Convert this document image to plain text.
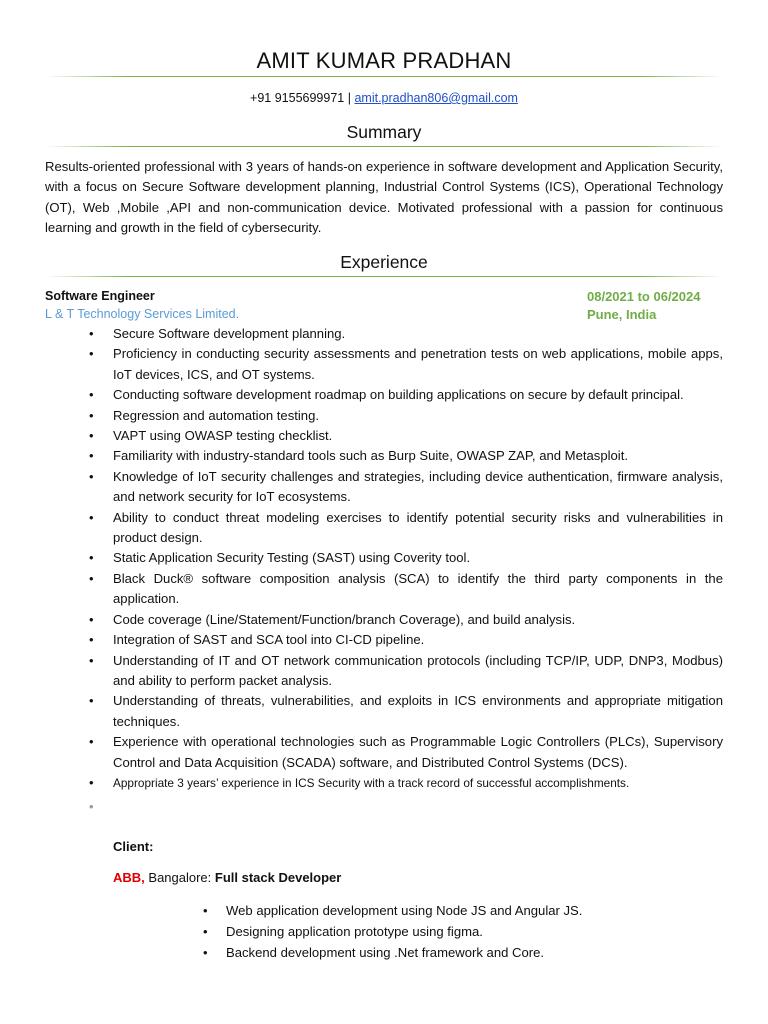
AMIT KUMAR PRADHAN
+91 9155699971 | amit.pradhan806@gmail.com
Summary
Results-oriented professional with 3 years of hands-on experience in software development and Application Security, with a focus on Secure Software development planning, Industrial Control Systems (ICS), Operational Technology (OT), Web ,Mobile ,API and non-communication device. Motivated professional with a passion for continuous learning and growth in the field of cybersecurity.
Experience
Software Engineer
L & T Technology Services Limited.
08/2021 to 06/2024
Pune, India
• Secure Software development planning.
• Proficiency in conducting security assessments and penetration tests on web applications, mobile apps, IoT devices, ICS, and OT systems.
• Conducting software development roadmap on building applications on secure by default principal.
• Regression and automation testing.
• VAPT using OWASP testing checklist.
• Familiarity with industry-standard tools such as Burp Suite, OWASP ZAP, and Metasploit.
• Knowledge of IoT security challenges and strategies, including device authentication, firmware analysis, and network security for IoT ecosystems.
• Ability to conduct threat modeling exercises to identify potential security risks and vulnerabilities in product design.
• Static Application Security Testing (SAST) using Coverity tool.
• Black Duck® software composition analysis (SCA) to identify the third party components in the application.
• Code coverage (Line/Statement/Function/branch Coverage), and build analysis.
• Integration of SAST and SCA tool into CI-CD pipeline.
• Understanding of IT and OT network communication protocols (including TCP/IP, UDP, DNP3, Modbus) and ability to perform packet analysis.
• Understanding of threats, vulnerabilities, and exploits in ICS environments and appropriate mitigation techniques.
• Experience with operational technologies such as Programmable Logic Controllers (PLCs), Supervisory Control and Data Acquisition (SCADA) software, and Distributed Control Systems (DCS).
• Appropriate 3 years’ experience in ICS Security with a track record of successful accomplishments.
•
Client:
ABB, Bangalore: Full stack Developer
• Web application development using Node JS and Angular JS.
• Designing application prototype using figma.
• Backend development using .Net framework and Core.
